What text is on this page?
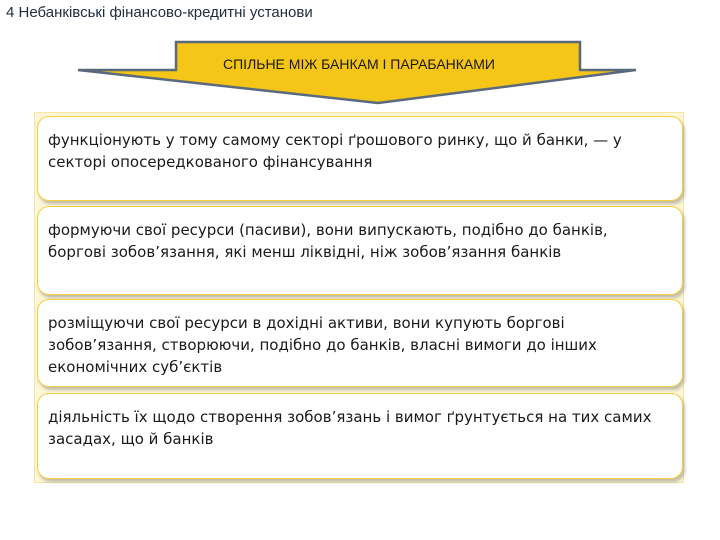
4 Небанківські фінансово-кредитні установи
СПІЛЬНЕ МІЖ БАНКАМ І ПАРАБАНКАМИ
функціонують у тому самому секторі ґрошового ринку, що й банки, — у секторі опосередкованого фінансування
формуючи свої ресурси (пасиви), вони випускають, подібно до банків, боргові зобов’язання, які менш ліквідні, ніж зобов’язання банків
розміщуючи свої ресурси в дохідні активи, вони купують боргові зобов’язання, створюючи, подібно до банків, власні вимоги до інших економічних суб’єктів
діяльність їх щодо створення зобов’язань і вимог ґрунтується на тих самих засадах, що й банків
